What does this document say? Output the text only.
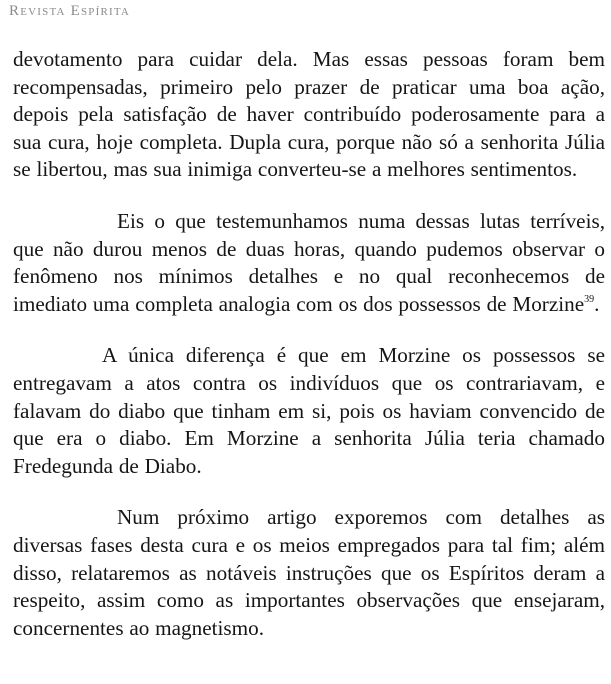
Revista Espírita

devotamento para cuidar dela. Mas essas pessoas foram bem recompensadas, primeiro pelo prazer de praticar uma boa ação, depois pela satisfação de haver contribuído poderosamente para a sua cura, hoje completa. Dupla cura, porque não só a senhorita Júlia se libertou, mas sua inimiga converteu-se a melhores sentimentos.

Eis o que testemunhamos numa dessas lutas terríveis, que não durou menos de duas horas, quando pudemos observar o fenômeno nos mínimos detalhes e no qual reconhecemos de imediato uma completa analogia com os dos possessos de Morzine$^{39}$.

A única diferença é que em Morzine os possessos se entregavam a atos contra os indivíduos que os contrariavam, e falavam do diabo que tinham em si, pois os haviam convencido de que era o diabo. Em Morzine a senhorita Júlia teria chamado Fredegunda de Diabo.

Num próximo artigo exporemos com detalhes as diversas fases desta cura e os meios empregados para tal fim; além disso, relataremos as notáveis instruções que os Espíritos deram a respeito, assim como as importantes observações que ensejaram, concernentes ao magnetismo.
